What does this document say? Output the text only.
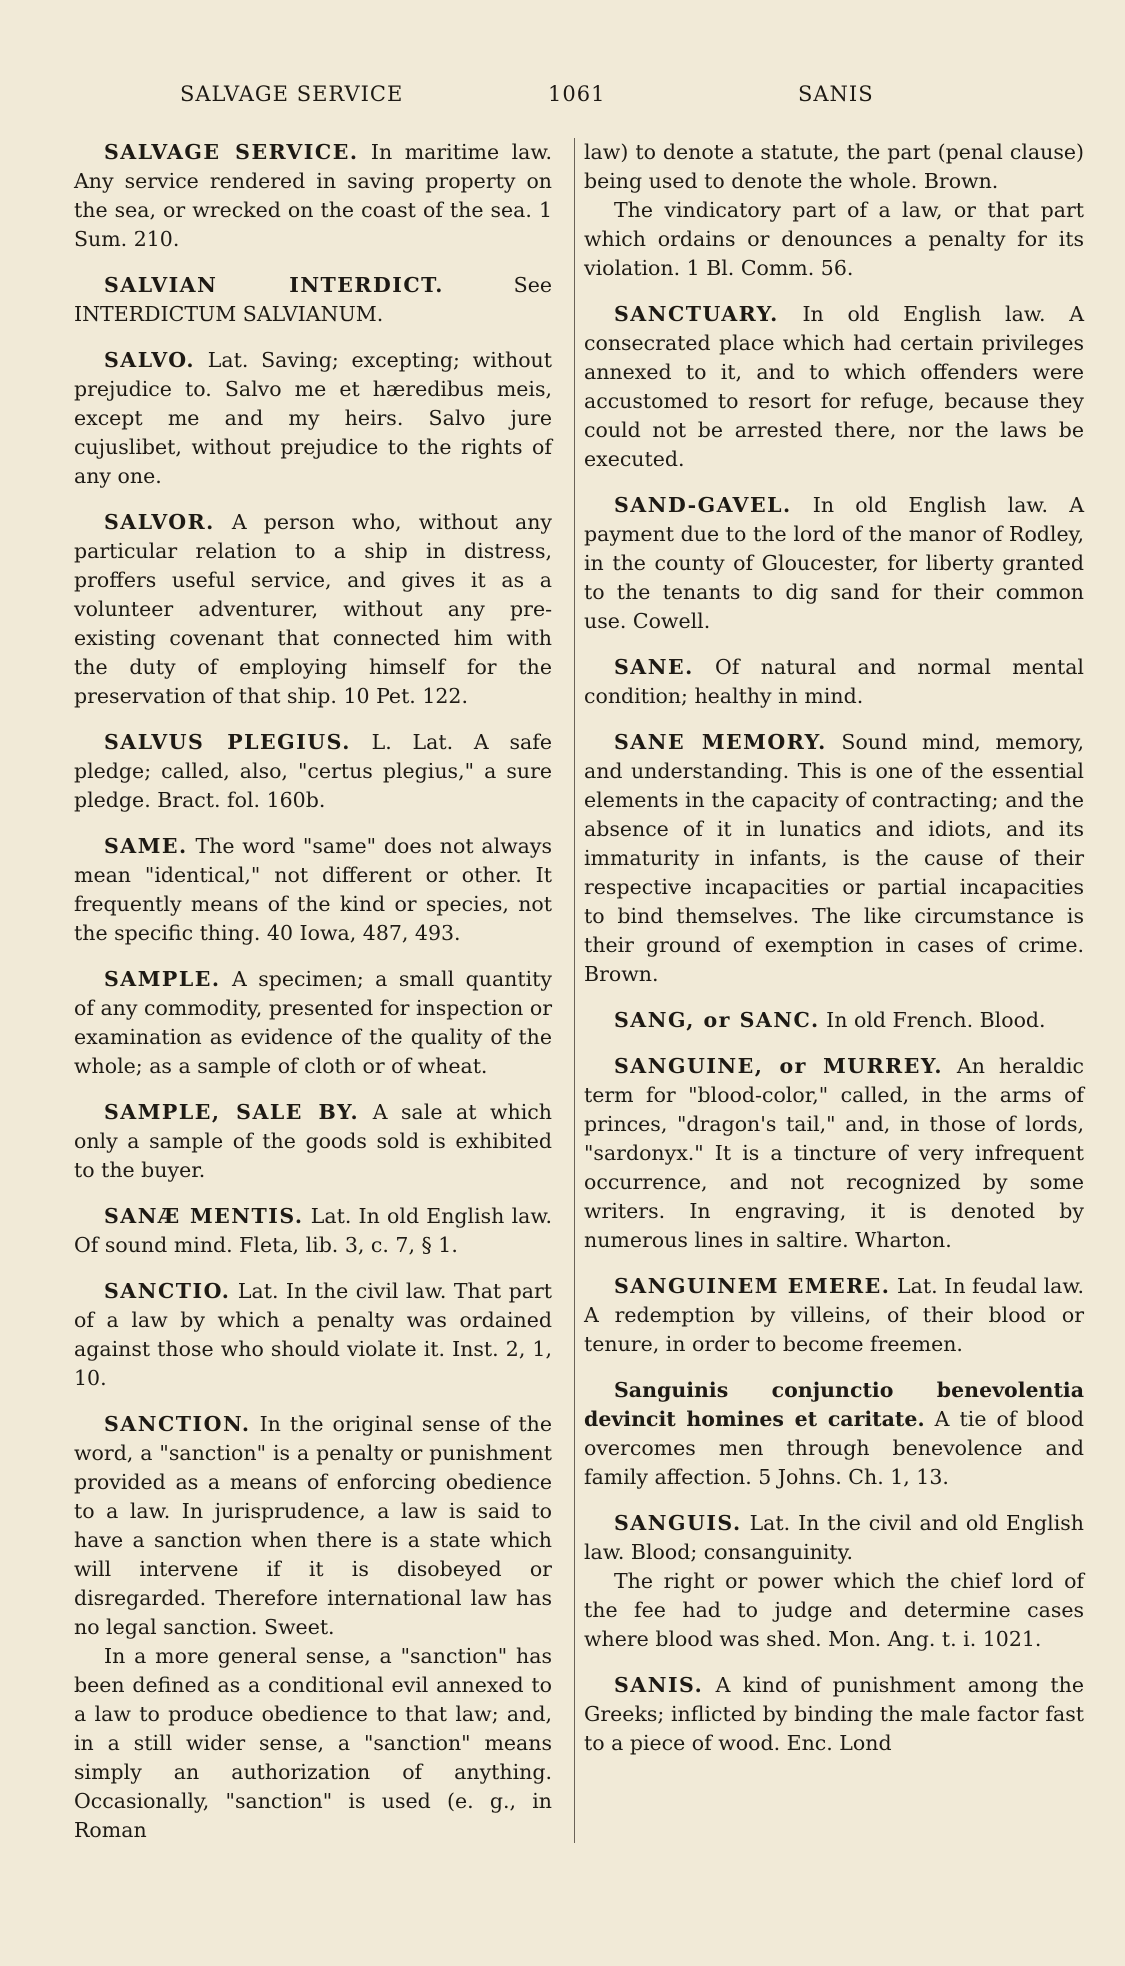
SALVAGE SERVICE	1061	SANIS

SALVAGE SERVICE. In maritime law. Any service rendered in saving property on the sea, or wrecked on the coast of the sea. 1 Sum. 210.

SALVIAN INTERDICT. See INTERDICTUM SALVIANUM.

SALVO. Lat. Saving; excepting; without prejudice to. Salvo me et hæredibus meis, except me and my heirs. Salvo jure cujuslibet, without prejudice to the rights of any one.

SALVOR. A person who, without any particular relation to a ship in distress, proffers useful service, and gives it as a volunteer adventurer, without any pre-existing covenant that connected him with the duty of employing himself for the preservation of that ship. 10 Pet. 122.

SALVUS PLEGIUS. L. Lat. A safe pledge; called, also, "certus plegius," a sure pledge. Bract. fol. 160b.

SAME. The word "same" does not always mean "identical," not different or other. It frequently means of the kind or species, not the specific thing. 40 Iowa, 487, 493.

SAMPLE. A specimen; a small quantity of any commodity, presented for inspection or examination as evidence of the quality of the whole; as a sample of cloth or of wheat.

SAMPLE, SALE BY. A sale at which only a sample of the goods sold is exhibited to the buyer.

SANÆ MENTIS. Lat. In old English law. Of sound mind. Fleta, lib. 3, c. 7, § 1.

SANCTIO. Lat. In the civil law. That part of a law by which a penalty was ordained against those who should violate it. Inst. 2, 1, 10.

SANCTION. In the original sense of the word, a "sanction" is a penalty or punishment provided as a means of enforcing obedience to a law. In jurisprudence, a law is said to have a sanction when there is a state which will intervene if it is disobeyed or disregarded. Therefore international law has no legal sanction. Sweet.

In a more general sense, a "sanction" has been defined as a conditional evil annexed to a law to produce obedience to that law; and, in a still wider sense, a "sanction" means simply an authorization of anything. Occasionally, "sanction" is used (e. g., in Roman

law) to denote a statute, the part (penal clause) being used to denote the whole. Brown.

The vindicatory part of a law, or that part which ordains or denounces a penalty for its violation. 1 Bl. Comm. 56.

SANCTUARY. In old English law. A consecrated place which had certain privileges annexed to it, and to which offenders were accustomed to resort for refuge, because they could not be arrested there, nor the laws be executed.

SAND-GAVEL. In old English law. A payment due to the lord of the manor of Rodley, in the county of Gloucester, for liberty granted to the tenants to dig sand for their common use. Cowell.

SANE. Of natural and normal mental condition; healthy in mind.

SANE MEMORY. Sound mind, memory, and understanding. This is one of the essential elements in the capacity of contracting; and the absence of it in lunatics and idiots, and its immaturity in infants, is the cause of their respective incapacities or partial incapacities to bind themselves. The like circumstance is their ground of exemption in cases of crime. Brown.

SANG, or SANC. In old French. Blood.

SANGUINE, or MURREY. An heraldic term for "blood-color," called, in the arms of princes, "dragon's tail," and, in those of lords, "sardonyx." It is a tincture of very infrequent occurrence, and not recognized by some writers. In engraving, it is denoted by numerous lines in saltire. Wharton.

SANGUINEM EMERE. Lat. In feudal law. A redemption by villeins, of their blood or tenure, in order to become freemen.

Sanguinis conjunctio benevolentia devincit homines et caritate. A tie of blood overcomes men through benevolence and family affection. 5 Johns. Ch. 1, 13.

SANGUIS. Lat. In the civil and old English law. Blood; consanguinity.

The right or power which the chief lord of the fee had to judge and determine cases where blood was shed. Mon. Ang. t. i. 1021.

SANIS. A kind of punishment among the Greeks; inflicted by binding the male factor fast to a piece of wood. Enc. Lond
